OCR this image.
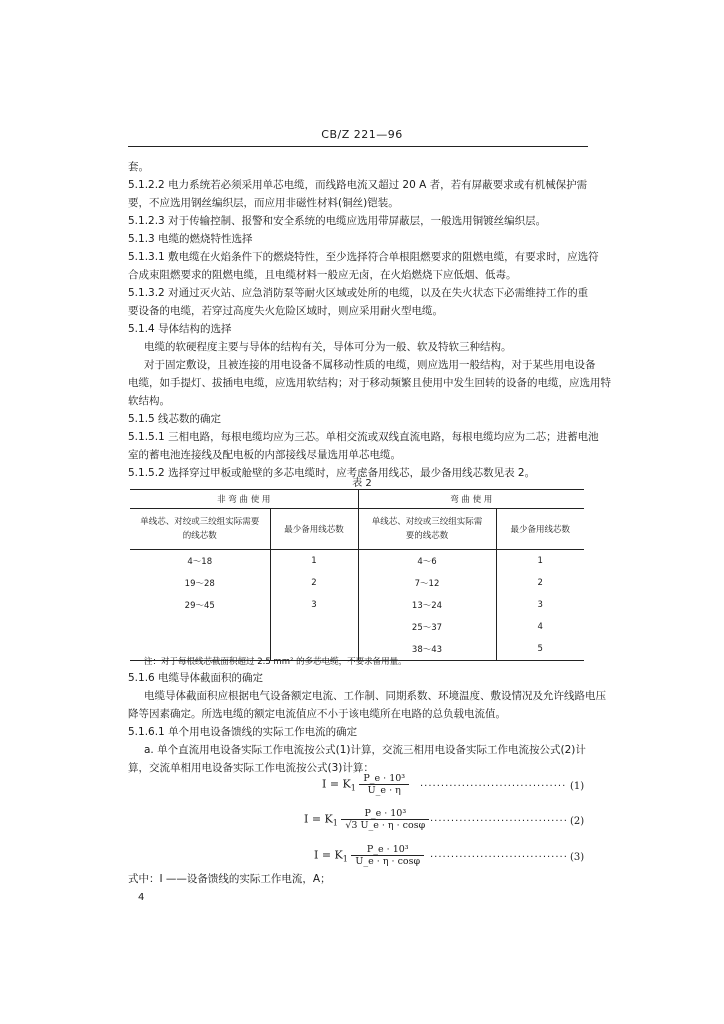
CB/Z 221—96
套。
5.1.2.2 电力系统若必须采用单芯电缆，而线路电流又超过 20 A 者，若有屏蔽要求或有机械保护需
要，不应选用钢丝编织层，而应用非磁性材料(铜丝)铠装。
5.1.2.3 对于传输控制、报警和安全系统的电缆应选用带屏蔽层，一般选用铜镀丝编织层。
5.1.3 电缆的燃烧特性选择
5.1.3.1 敷电缆在火焰条件下的燃烧特性，至少选择符合单根阻燃要求的阻燃电缆，有要求时，应选符
合成束阻燃要求的阻燃电缆，且电缆材料一般应无卤，在火焰燃烧下应低烟、低毒。
5.1.3.2 对通过灭火站、应急消防泵等耐火区域或处所的电缆，以及在失火状态下必需维持工作的重
要设备的电缆，若穿过高度失火危险区域时，则应采用耐火型电缆。
5.1.4 导体结构的选择
电缆的软硬程度主要与导体的结构有关，导体可分为一般、软及特软三种结构。
对于固定敷设，且被连接的用电设备不属移动性质的电缆，则应选用一般结构，对于某些用电设备
电缆，如手提灯、拔插电电缆，应选用软结构；对于移动频繁且使用中发生回转的设备的电缆，应选用特
软结构。
5.1.5 线芯数的确定
5.1.5.1 三相电路，每根电缆均应为三芯。单相交流或双线直流电路，每根电缆均应为二芯；进蓄电池
室的蓄电池连接线及配电板的内部接线尽量选用单芯电缆。
5.1.5.2 选择穿过甲板或舱壁的多芯电缆时，应考虑备用线芯，最少备用线芯数见表 2。
表 2
非 弯 曲 使 用		弯 曲 使 用	
单线芯、对绞或三绞组实际需要的线芯数	最少备用线芯数	单线芯、对绞或三绞组实际需要的线芯数	最少备用线芯数
4～18	1	4～6	1
19～28	2	7～12	2
29～45	3	13～24	3
		25～37	4
		38～43	5
注：对于每根线芯截面积超过 2.5 mm² 的多芯电缆，不要求备用量。
5.1.6 电缆导体截面积的确定
电缆导体截面积应根据电气设备额定电流、工作制、同期系数、环境温度、敷设情况及允许线路电压
降等因素确定。所选电缆的额定电流值应不小于该电缆所在电路的总负载电流值。
5.1.6.1 单个用电设备馈线的实际工作电流的确定
a. 单个直流用电设备实际工作电流按公式(1)计算，交流三相用电设备实际工作电流按公式(2)计
算，交流单相用电设备实际工作电流按公式(3)计算：
$I = K_1 \frac{\text{P\_e · 10³}}{U\_e \cdot \eta}$ ··································· (1)
$I = K_1 \frac{\text{P\_e · 10³}}{√3 U\_e \cdot \eta \cdot \cos\varphi}$ ································· (2)
$I = K_1 \frac{\text{P\_e · 10³}}{U\_e \cdot \eta \cdot \cos\varphi}$ ································· (3)
式中：I ——设备馈线的实际工作电流，A；
4
